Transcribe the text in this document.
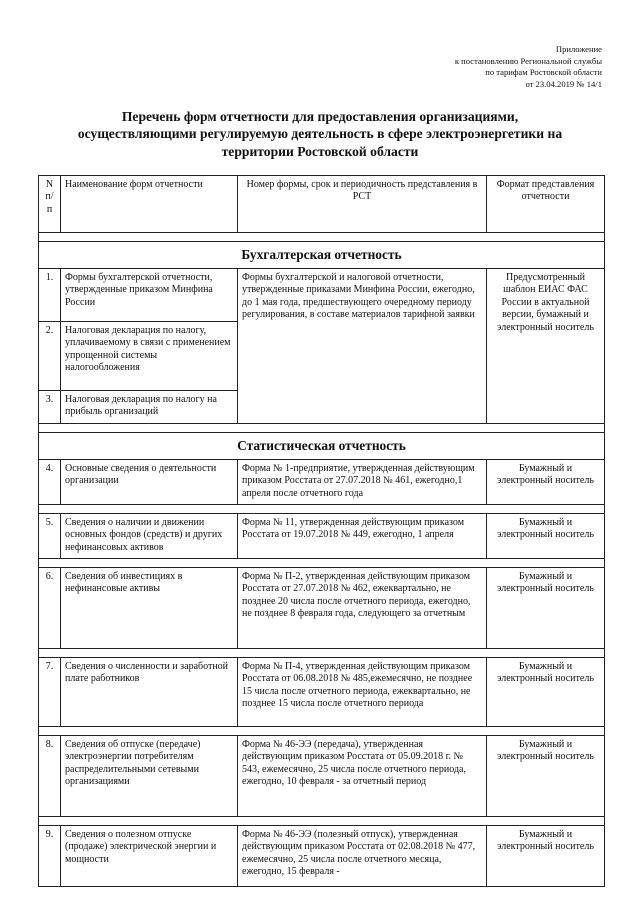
Приложение
к постановлению Региональной службы
по тарифам Ростовской области
от 23.04.2019 № 14/1
Перечень форм отчетности для предоставления организациями,
осуществляющими регулируемую деятельность в сфере электроэнергетики на
территории Ростовской области
N п/п	Наименование форм отчетности	Номер формы, срок и периодичность представления в РСТ	Формат представления отчетности

Бухгалтерская отчетность			
1.	Формы бухгалтерской отчетности, утвержденные приказом Минфина России	Формы бухгалтерской и налоговой отчетности, утвержденные приказами Минфина России, ежегодно, до 1 мая года, предшествующего очередному периоду регулирования, в составе материалов тарифной заявки	Предусмотренный шаблон ЕИАС ФАС России в актуальной версии, бумажный и электронный носитель
2.	Налоговая декларация по налогу, уплачиваемому в связи с применением упрощенной системы налогообложения		
3.	Налоговая декларация по налогу на прибыль организаций		

Статистическая отчетность			
4.	Основные сведения о деятельности организации	Форма № 1-предприятие, утвержденная действующим приказом Росстата от 27.07.2018 № 461, ежегодно,1 апреля после отчетного года	Бумажный и электронный носитель

5.	Сведения о наличии и движении основных фондов (средств) и других нефинансовых активов	Форма № 11, утвержденная действующим приказом Росстата от 19.07.2018 № 449, ежегодно, 1 апреля	Бумажный и электронный носитель

6.	Сведения об инвестициях в нефинансовые активы	Форма № П-2, утвержденная действующим приказом Росстата от 27.07.2018 № 462, ежеквартально, не позднее 20 числа после отчетного периода, ежегодно, не позднее 8 февраля года, следующего за отчетным	Бумажный и электронный носитель

7.	Сведения о численности и заработной плате работников	Форма № П-4, утвержденная действующим приказом Росстата от 06.08.2018 № 485,ежемесячно, не позднее 15 числа после отчетного периода, ежеквартально, не позднее 15 числа после отчетного периода	Бумажный и электронный носитель

8.	Сведения об отпуске (передаче) электроэнергии потребителям распределительными сетевыми организациями	Форма № 46-ЭЭ (передача), утвержденная действующим приказом Росстата от 05.09.2018 г. № 543, ежемесячно, 25 числа после отчетного периода, ежегодно, 10 февраля - за отчетный период	Бумажный и электронный носитель

9.	Сведения о полезном отпуске (продаже) электрической энергии и мощности	Форма № 46-ЭЭ (полезный отпуск), утвержденная действующим приказом Росстата от 02.08.2018 № 477, ежемесячно, 25 числа после отчетного месяца, ежегодно, 15 февраля -	Бумажный и электронный носитель
